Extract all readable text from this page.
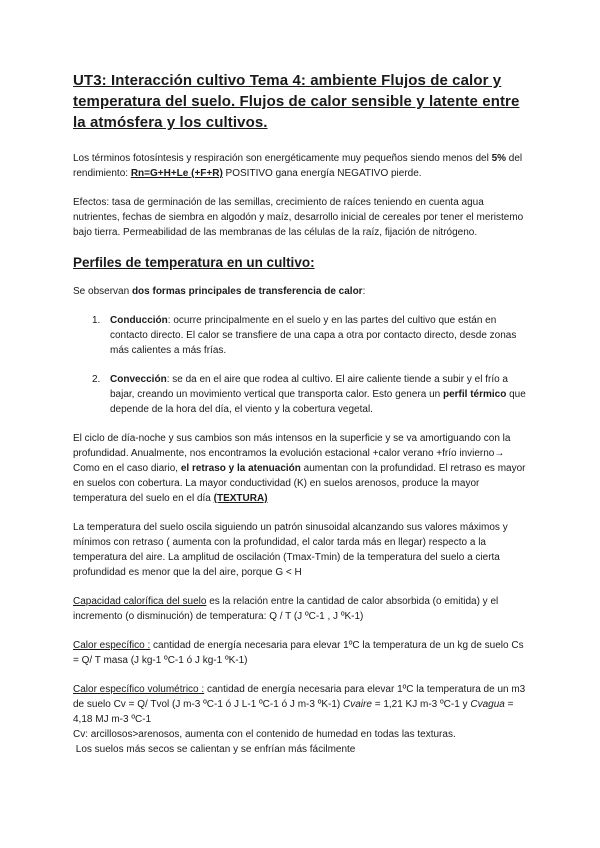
UT3: Interacción cultivo Tema 4: ambiente Flujos de calor y temperatura del suelo. Flujos de calor sensible y latente entre la atmósfera y los cultivos.
Los términos fotosíntesis y respiración son energéticamente muy pequeños siendo menos del 5% del rendimiento: Rn=G+H+Le (+F+R) POSITIVO gana energía NEGATIVO pierde.
Efectos: tasa de germinación de las semillas, crecimiento de raíces teniendo en cuenta agua nutrientes, fechas de siembra en algodón y maíz, desarrollo inicial de cereales por tener el meristemo bajo tierra. Permeabilidad de las membranas de las células de la raíz, fijación de nitrógeno.
Perfiles de temperatura en un cultivo:
Se observan dos formas principales de transferencia de calor:
1. Conducción: ocurre principalmente en el suelo y en las partes del cultivo que están en contacto directo. El calor se transfiere de una capa a otra por contacto directo, desde zonas más calientes a más frías.
2. Convección: se da en el aire que rodea al cultivo. El aire caliente tiende a subir y el frío a bajar, creando un movimiento vertical que transporta calor. Esto genera un perfil térmico que depende de la hora del día, el viento y la cobertura vegetal.
El ciclo de día-noche y sus cambios son más intensos en la superficie y se va amortiguando con la profundidad. Anualmente, nos encontramos la evolución estacional +calor verano +frío invierno→ Como en el caso diario, el retraso y la atenuación aumentan con la profundidad. El retraso es mayor en suelos con cobertura. La mayor conductividad (K) en suelos arenosos, produce la mayor temperatura del suelo en el día (TEXTURA)
La temperatura del suelo oscila siguiendo un patrón sinusoidal alcanzando sus valores máximos y mínimos con retraso ( aumenta con la profundidad, el calor tarda más en llegar) respecto a la temperatura del aire. La amplitud de oscilación (Tmax-Tmin) de la temperatura del suelo a cierta profundidad es menor que la del aire, porque G < H
Capacidad calorífica del suelo es la relación entre la cantidad de calor absorbida (o emitida) y el incremento (o disminución) de temperatura: Q / T (J ºC-1 , J ºK-1)
Calor específico : cantidad de energía necesaria para elevar 1ºC la temperatura de un kg de suelo Cs = Q/ T masa (J kg-1 ºC-1 ó J kg-1 ºK-1)
Calor específico volumétrico : cantidad de energía necesaria para elevar 1ºC la temperatura de un m3 de suelo Cv = Q/ Tvol (J m-3 ºC-1 ó J L-1 ºC-1 ó J m-3 ºK-1) Cvaire = 1,21 KJ m-3 ºC-1 y Cvagua = 4,18 MJ m-3 ºC-1
Cv: arcillosos>arenosos, aumenta con el contenido de humedad en todas las texturas.
Los suelos más secos se calientan y se enfrían más fácilmente
